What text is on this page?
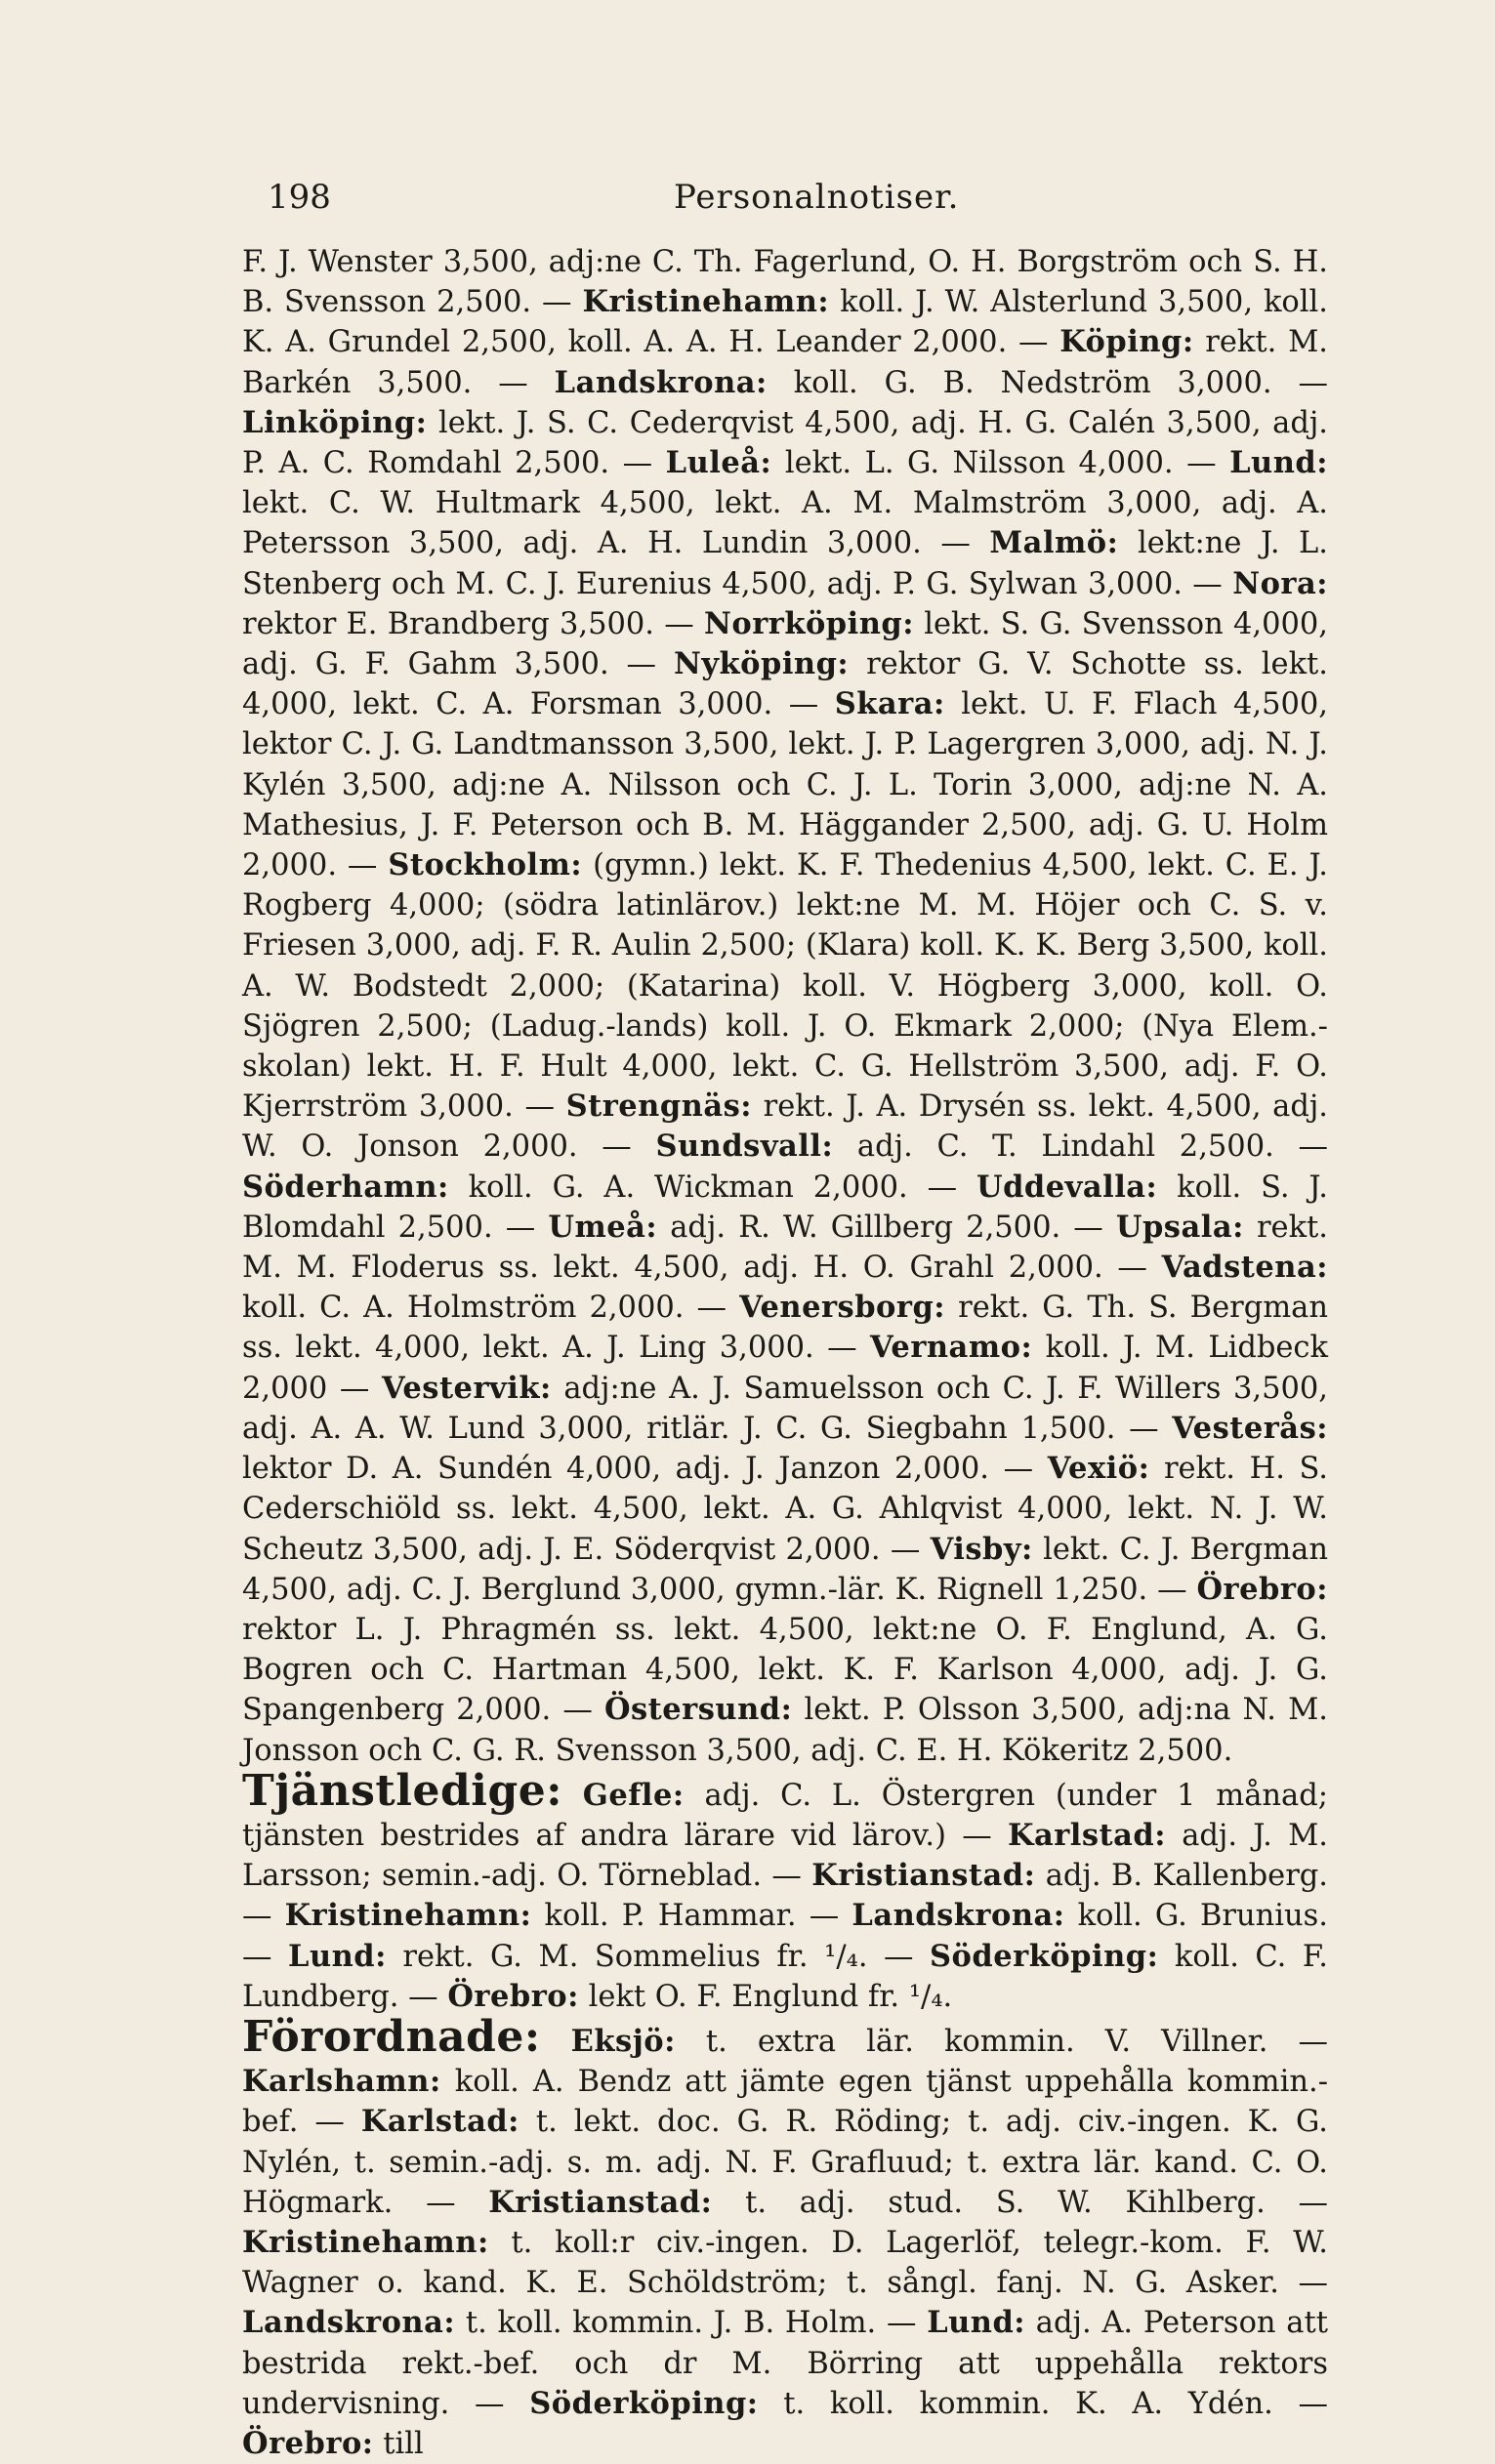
198	Personalnotiser.

F. J. Wenster 3,500, adj:ne C. Th. Fagerlund, O. H. Borgström och S. H. B. Svensson 2,500. — Kristinehamn: koll. J. W. Alsterlund 3,500, koll. K. A. Grundel 2,500, koll. A. A. H. Leander 2,000. — Köping: rekt. M. Barkén 3,500. — Landskrona: koll. G. B. Nedström 3,000. — Linköping: lekt. J. S. C. Cederqvist 4,500, adj. H. G. Calén 3,500, adj. P. A. C. Romdahl 2,500. — Luleå: lekt. L. G. Nilsson 4,000. — Lund: lekt. C. W. Hultmark 4,500, lekt. A. M. Malmström 3,000, adj. A. Petersson 3,500, adj. A. H. Lundin 3,000. — Malmö: lekt:ne J. L. Stenberg och M. C. J. Eurenius 4,500, adj. P. G. Sylwan 3,000. — Nora: rektor E. Brandberg 3,500. — Norrköping: lekt. S. G. Svensson 4,000, adj. G. F. Gahm 3,500. — Nyköping: rektor G. V. Schotte ss. lekt. 4,000, lekt. C. A. Forsman 3,000. — Skara: lekt. U. F. Flach 4,500, lektor C. J. G. Landtmansson 3,500, lekt. J. P. Lagergren 3,000, adj. N. J. Kylén 3,500, adj:ne A. Nilsson och C. J. L. Torin 3,000, adj:ne N. A. Mathesius, J. F. Peterson och B. M. Häggander 2,500, adj. G. U. Holm 2,000. — Stockholm: (gymn.) lekt. K. F. Thedenius 4,500, lekt. C. E. J. Rogberg 4,000; (södra latinlärov.) lekt:ne M. M. Höjer och C. S. v. Friesen 3,000, adj. F. R. Aulin 2,500; (Klara) koll. K. K. Berg 3,500, koll. A. W. Bodstedt 2,000; (Katarina) koll. V. Högberg 3,000, koll. O. Sjögren 2,500; (Ladug.-lands) koll. J. O. Ekmark 2,000; (Nya Elem.-skolan) lekt. H. F. Hult 4,000, lekt. C. G. Hellström 3,500, adj. F. O. Kjerrström 3,000. — Strengnäs: rekt. J. A. Drysén ss. lekt. 4,500, adj. W. O. Jonson 2,000. — Sundsvall: adj. C. T. Lindahl 2,500. — Söderhamn: koll. G. A. Wickman 2,000. — Uddevalla: koll. S. J. Blomdahl 2,500. — Umeå: adj. R. W. Gillberg 2,500. — Upsala: rekt. M. M. Floderus ss. lekt. 4,500, adj. H. O. Grahl 2,000. — Vadstena: koll. C. A. Holmström 2,000. — Venersborg: rekt. G. Th. S. Bergman ss. lekt. 4,000, lekt. A. J. Ling 3,000. — Vernamo: koll. J. M. Lidbeck 2,000 — Vestervik: adj:ne A. J. Samuelsson och C. J. F. Willers 3,500, adj. A. A. W. Lund 3,000, ritlär. J. C. G. Siegbahn 1,500. — Vesterås: lektor D. A. Sundén 4,000, adj. J. Janzon 2,000. — Vexiö: rekt. H. S. Cederschiöld ss. lekt. 4,500, lekt. A. G. Ahlqvist 4,000, lekt. N. J. W. Scheutz 3,500, adj. J. E. Söderqvist 2,000. — Visby: lekt. C. J. Bergman 4,500, adj. C. J. Berglund 3,000, gymn.-lär. K. Rignell 1,250. — Örebro: rektor L. J. Phragmén ss. lekt. 4,500, lekt:ne O. F. Englund, A. G. Bogren och C. Hartman 4,500, lekt. K. F. Karlson 4,000, adj. J. G. Spangenberg 2,000. — Östersund: lekt. P. Olsson 3,500, adj:na N. M. Jonsson och C. G. R. Svensson 3,500, adj. C. E. H. Kökeritz 2,500.

Tjänstledige: Gefle: adj. C. L. Östergren (under 1 månad; tjänsten bestrides af andra lärare vid lärov.) — Karlstad: adj. J. M. Larsson; semin.-adj. O. Törneblad. — Kristianstad: adj. B. Kallenberg. — Kristinehamn: koll. P. Hammar. — Landskrona: koll. G. Brunius. — Lund: rekt. G. M. Sommelius fr. ¹/₄. — Söderköping: koll. C. F. Lundberg. — Örebro: lekt O. F. Englund fr. ¹/₄.

Förordnade: Eksjö: t. extra lär. kommin. V. Villner. — Karlshamn: koll. A. Bendz att jämte egen tjänst uppehålla kommin.-bef. — Karlstad: t. lekt. doc. G. R. Röding; t. adj. civ.-ingen. K. G. Nylén, t. semin.-adj. s. m. adj. N. F. Grafluud; t. extra lär. kand. C. O. Högmark. — Kristianstad: t. adj. stud. S. W. Kihlberg. — Kristinehamn: t. koll:r civ.-ingen. D. Lagerlöf, telegr.-kom. F. W. Wagner o. kand. K. E. Schöldström; t. sångl. fanj. N. G. Asker. — Landskrona: t. koll. kommin. J. B. Holm. — Lund: adj. A. Peterson att bestrida rekt.-bef. och dr M. Börring att uppehålla rektors undervisning. — Söderköping: t. koll. kommin. K. A. Ydén. — Örebro: till
